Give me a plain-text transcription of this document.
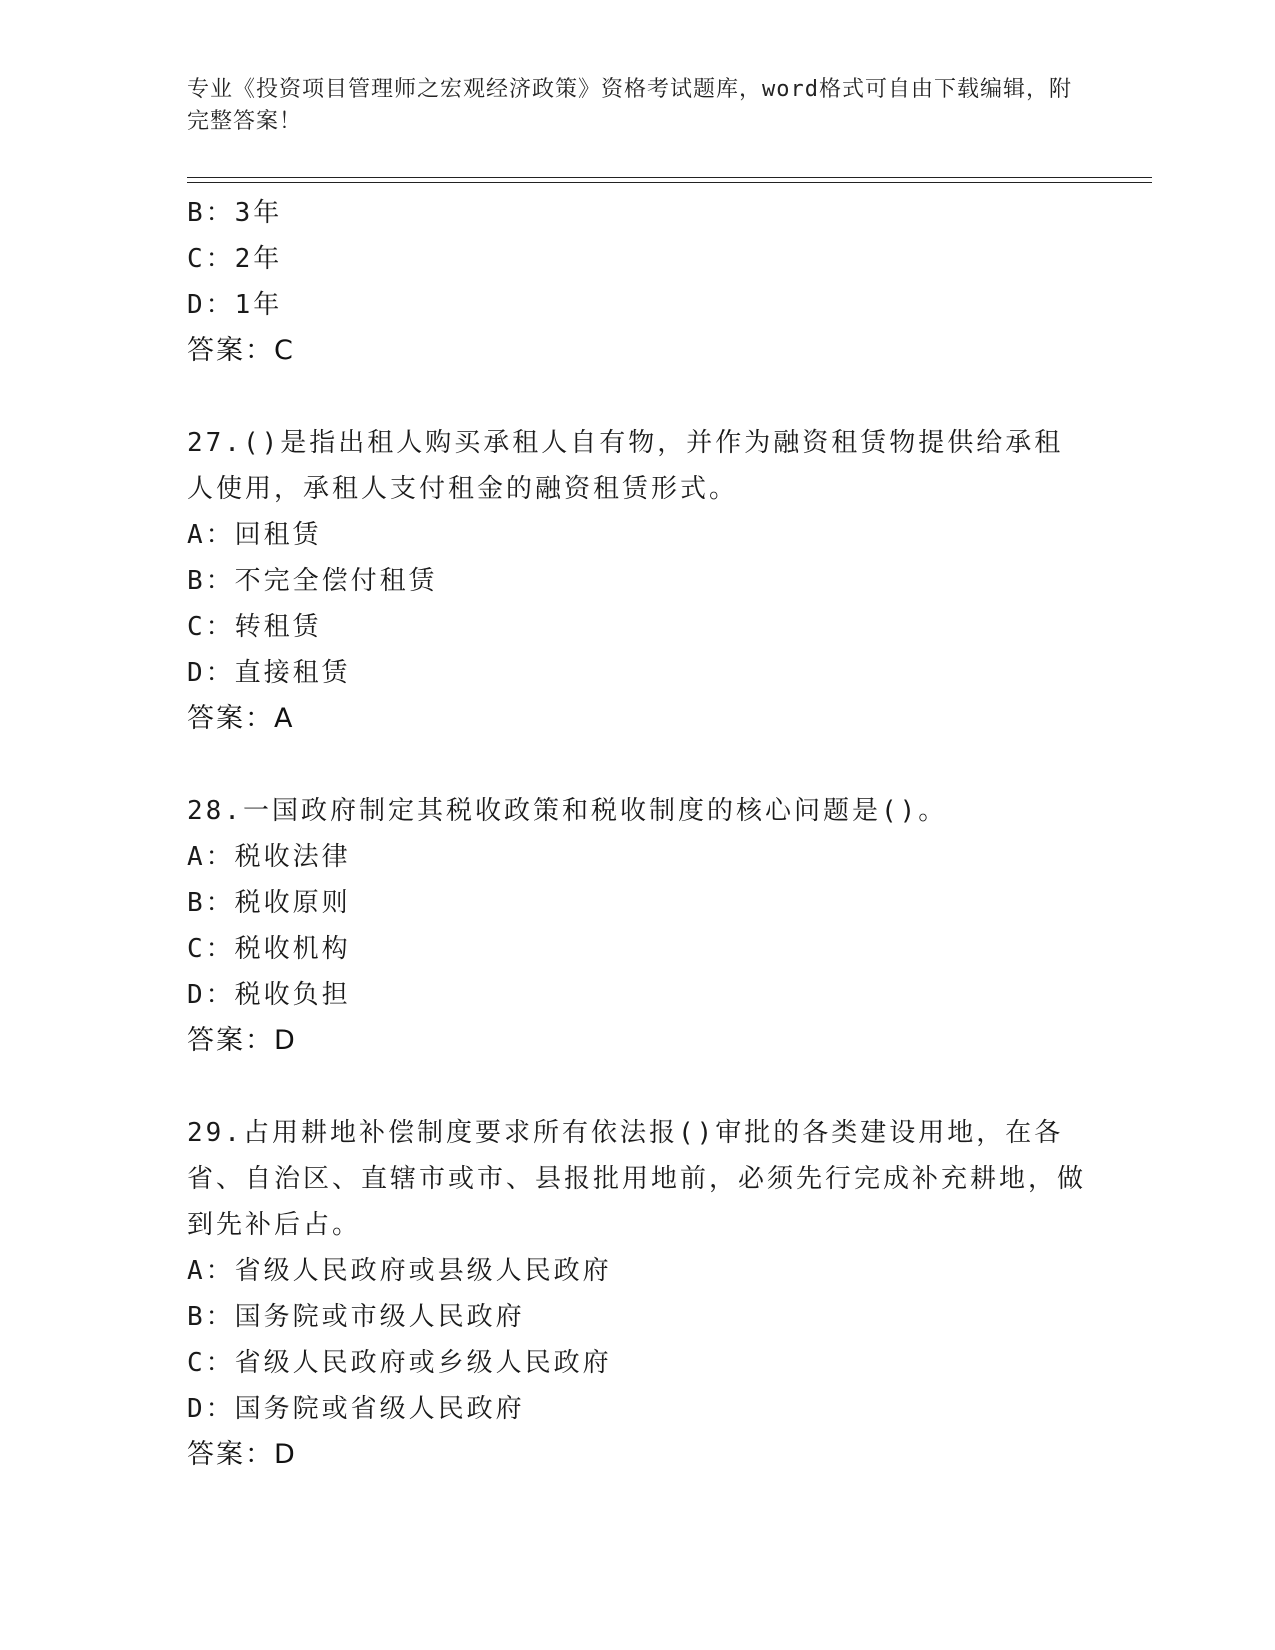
专业《投资项目管理师之宏观经济政策》资格考试题库，word格式可自由下载编辑，附完整答案！
B：3年
C：2年
D：1年
答案：C
27.()是指出租人购买承租人自有物，并作为融资租赁物提供给承租人使用，承租人支付租金的融资租赁形式。
A：回租赁
B：不完全偿付租赁
C：转租赁
D：直接租赁
答案：A
28.一国政府制定其税收政策和税收制度的核心问题是()。
A：税收法律
B：税收原则
C：税收机构
D：税收负担
答案：D
29.占用耕地补偿制度要求所有依法报()审批的各类建设用地，在各省、自治区、直辖市或市、县报批用地前，必须先行完成补充耕地，做到先补后占。
A：省级人民政府或县级人民政府
B：国务院或市级人民政府
C：省级人民政府或乡级人民政府
D：国务院或省级人民政府
答案：D
